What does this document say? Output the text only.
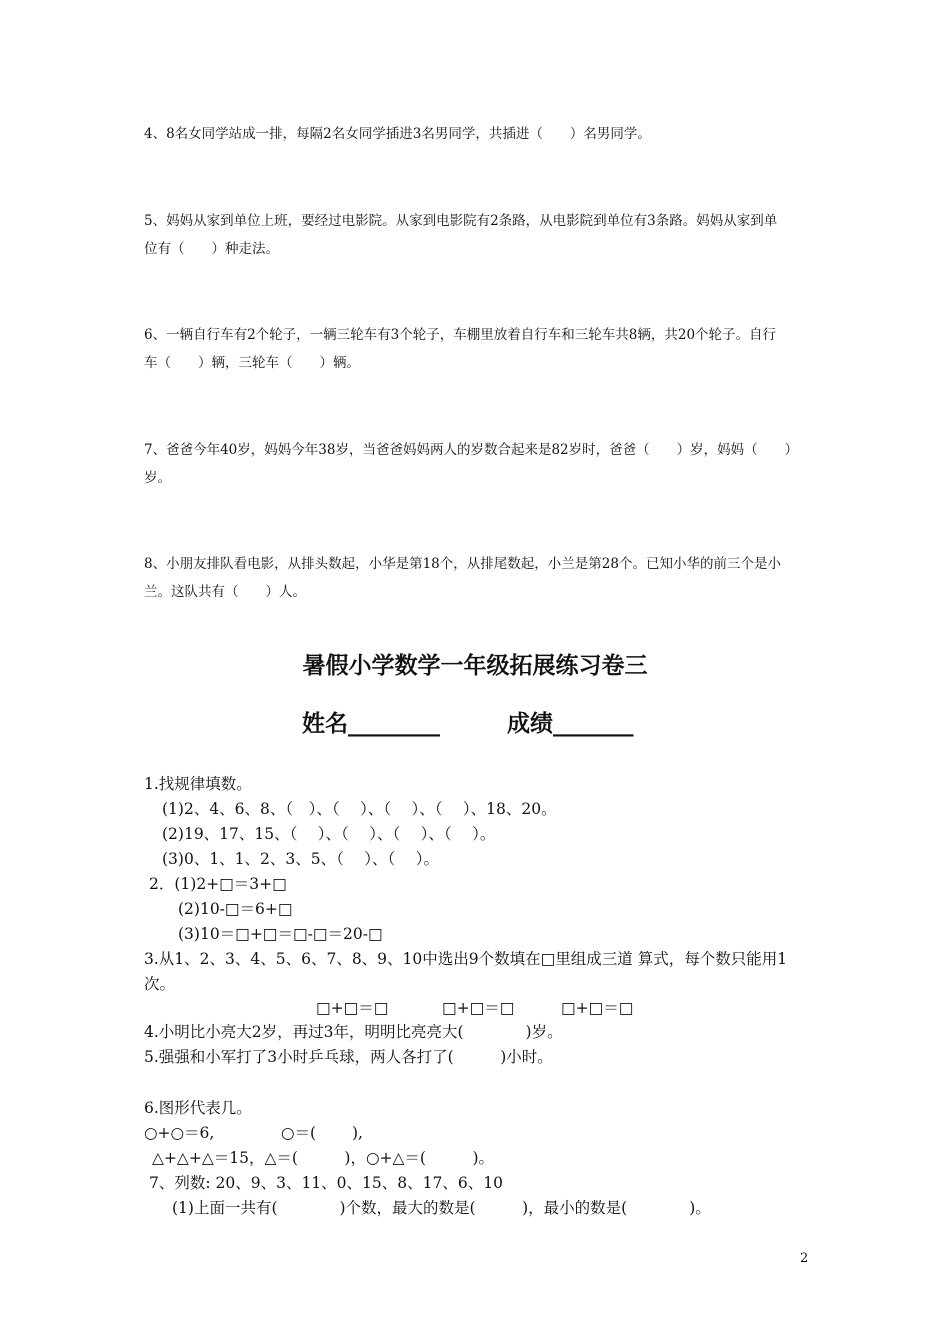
4、8名女同学站成一排，每隔2名女同学插进3名男同学，共插进（　　）名男同学。
5、妈妈从家到单位上班，要经过电影院。从家到电影院有2条路，从电影院到单位有3条路。妈妈从家到单
位有（　　）种走法。
6、一辆自行车有2个轮子，一辆三轮车有3个轮子，车棚里放着自行车和三轮车共8辆，共20个轮子。自行
车（　　）辆，三轮车（　　）辆。
7、爸爸今年40岁，妈妈今年38岁，当爸爸妈妈两人的岁数合起来是82岁时，爸爸（　　）岁，妈妈（　　）
岁。
8、小朋友排队看电影，从排头数起，小华是第18个，从排尾数起，小兰是第28个。已知小华的前三个是小
兰。这队共有（　　）人。
暑假小学数学一年级拓展练习卷三
姓名________	成绩_______
1.找规律填数。
(1)2、4、6、8、（　）、（　 ）、（　 ）、（　 ）、18、20。
(2)19、17、15、（　 ）、（　 ）、（　 ）、（　 ）。
(3)0、1、1、2、3、5、（　 ）、（　 ）。
2．(1)2+□＝3+□
(2)10-□＝6+□
(3)10＝□+□＝□-□＝20-□
3.从1、2、3、4、5、6、7、8、9、10中选出9个数填在□里组成三道 算式，每个数只能用1
次。
□+□＝□	□+□＝□	□+□＝□
4.小明比小亮大2岁，再过3年，明明比亮亮大(　　　　)岁。
5.强强和小军打了3小时乒乓球，两人各打了(　　　)小时。
6.图形代表几。
○+○＝6,	○＝(　　 ),
△+△+△＝15，△＝(　　　)，○+△＝(　　　)。
7、列数: 20、9、3、11、0、15、8、17、6、10
(1)上面一共有(　　　　)个数，最大的数是(　　　)，最小的数是(　　　　)。
2
